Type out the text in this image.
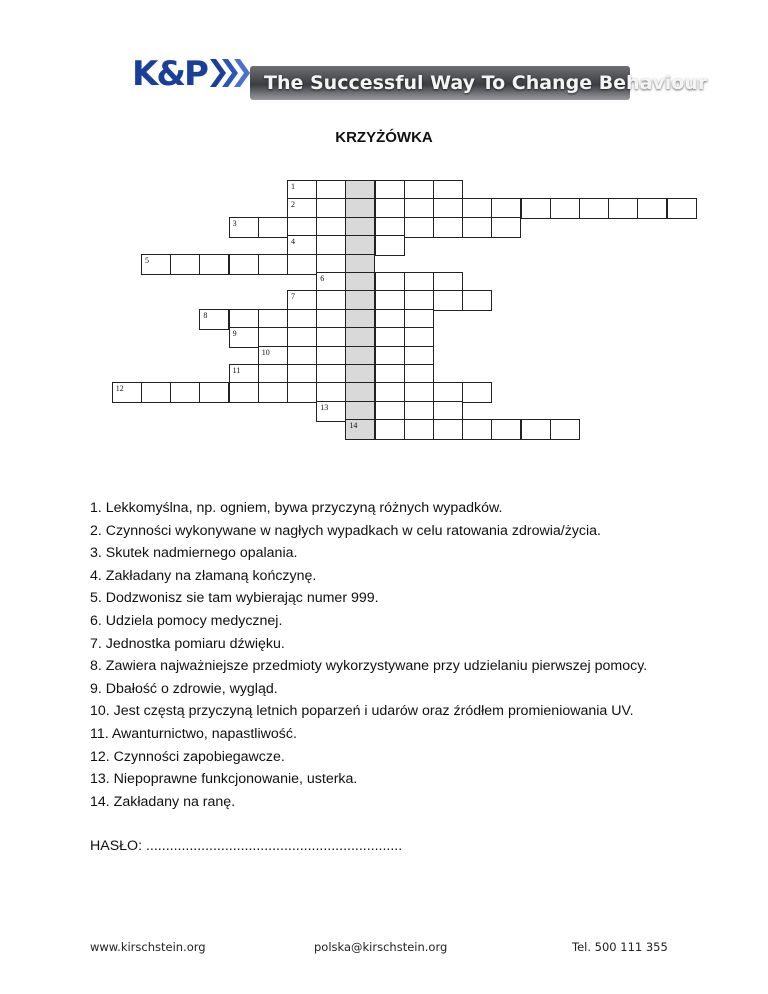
K&P	The Successful Way To Change Behaviour
KRZYŻÓWKA
1
2
3
4
5
6
7
8
9
10
11
12
13
14
1. Lekkomyślna, np. ogniem, bywa przyczyną różnych wypadków.
2. Czynności wykonywane w nagłych wypadkach w celu ratowania zdrowia/życia.
3. Skutek nadmiernego opalania.
4. Zakładany na złamaną kończynę.
5. Dodzwonisz sie tam wybierając numer 999.
6. Udziela pomocy medycznej.
7. Jednostka pomiaru dźwięku.
8. Zawiera najważniejsze przedmioty wykorzystywane przy udzielaniu pierwszej pomocy.
9. Dbałość o zdrowie, wygląd.
10. Jest częstą przyczyną letnich poparzeń i udarów oraz źródłem promieniowania UV.
11. Awanturnictwo, napastliwość.
12. Czynności zapobiegawcze.
13. Niepoprawne funkcjonowanie, usterka.
14. Zakładany na ranę.
HASŁO: .................................................................
www.kirschstein.org	polska@kirschstein.org	Tel. 500 111 355
